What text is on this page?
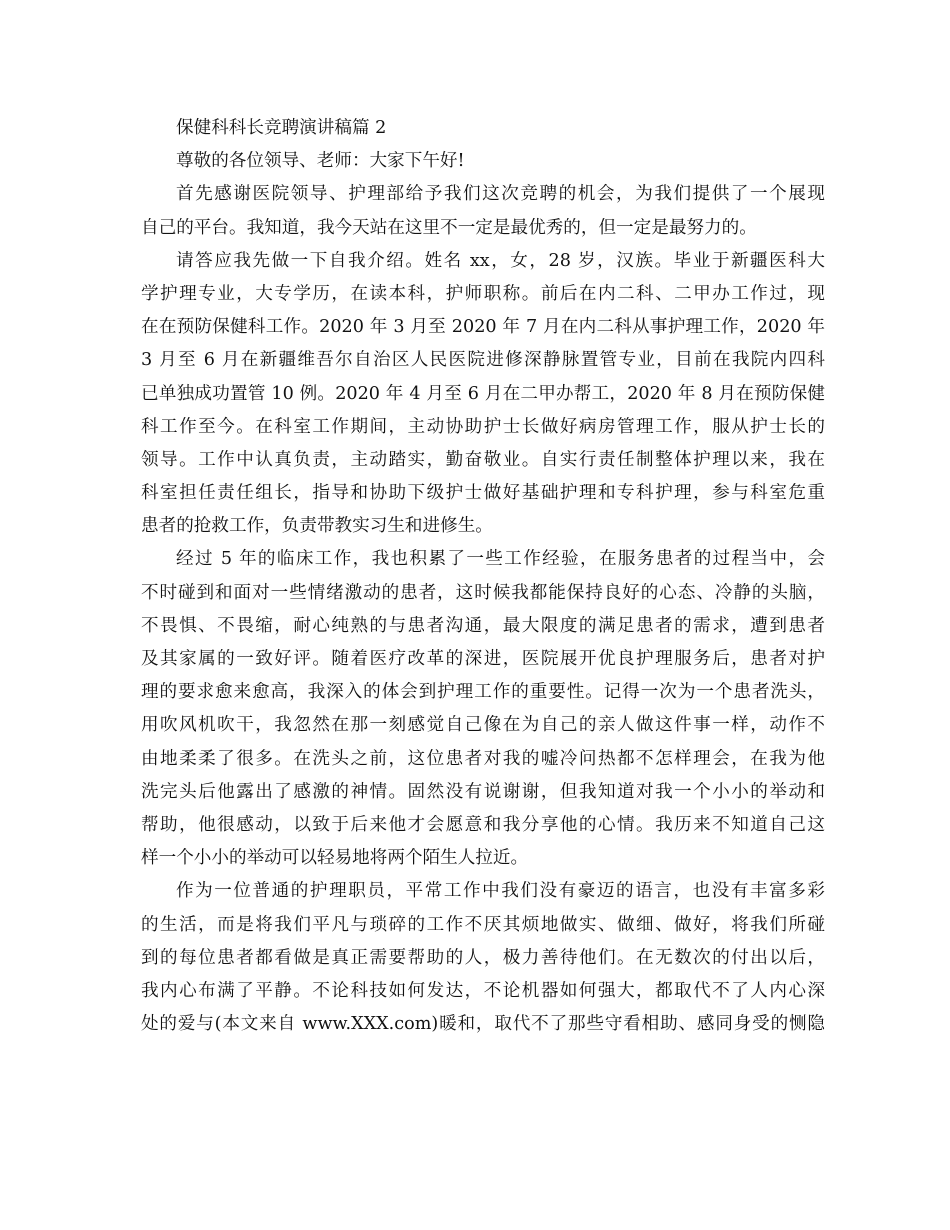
保健科科长竞聘演讲稿篇 2
尊敬的各位领导、老师：大家下午好!
首先感谢医院领导、护理部给予我们这次竞聘的机会，为我们提供了一个展现
自己的平台。我知道，我今天站在这里不一定是最优秀的，但一定是最努力的。
请答应我先做一下自我介绍。姓名 xx，女，28 岁，汉族。毕业于新疆医科大
学护理专业，大专学历，在读本科，护师职称。前后在内二科、二甲办工作过，现
在在预防保健科工作。2020 年 3 月至 2020 年 7 月在内二科从事护理工作，2020 年
3 月至 6 月在新疆维吾尔自治区人民医院进修深静脉置管专业，目前在我院内四科
已单独成功置管 10 例。2020 年 4 月至 6 月在二甲办帮工，2020 年 8 月在预防保健
科工作至今。在科室工作期间，主动协助护士长做好病房管理工作，服从护士长的
领导。工作中认真负责，主动踏实，勤奋敬业。自实行责任制整体护理以来，我在
科室担任责任组长，指导和协助下级护士做好基础护理和专科护理，参与科室危重
患者的抢救工作，负责带教实习生和进修生。
经过 5 年的临床工作，我也积累了一些工作经验，在服务患者的过程当中，会
不时碰到和面对一些情绪激动的患者，这时候我都能保持良好的心态、冷静的头脑，
不畏惧、不畏缩，耐心纯熟的与患者沟通，最大限度的满足患者的需求，遭到患者
及其家属的一致好评。随着医疗改革的深进，医院展开优良护理服务后，患者对护
理的要求愈来愈高，我深入的体会到护理工作的重要性。记得一次为一个患者洗头，
用吹风机吹干，我忽然在那一刻感觉自己像在为自己的亲人做这件事一样，动作不
由地柔柔了很多。在洗头之前，这位患者对我的嘘冷问热都不怎样理会，在我为他
洗完头后他露出了感激的神情。固然没有说谢谢，但我知道对我一个小小的举动和
帮助，他很感动，以致于后来他才会愿意和我分享他的心情。我历来不知道自己这
样一个小小的举动可以轻易地将两个陌生人拉近。
作为一位普通的护理职员，平常工作中我们没有豪迈的语言，也没有丰富多彩
的生活，而是将我们平凡与琐碎的工作不厌其烦地做实、做细、做好，将我们所碰
到的每位患者都看做是真正需要帮助的人，极力善待他们。在无数次的付出以后，
我内心布满了平静。不论科技如何发达，不论机器如何强大，都取代不了人内心深
处的爱与(本文来自 www.XXX.com)暖和，取代不了那些守看相助、感同身受的恻隐
